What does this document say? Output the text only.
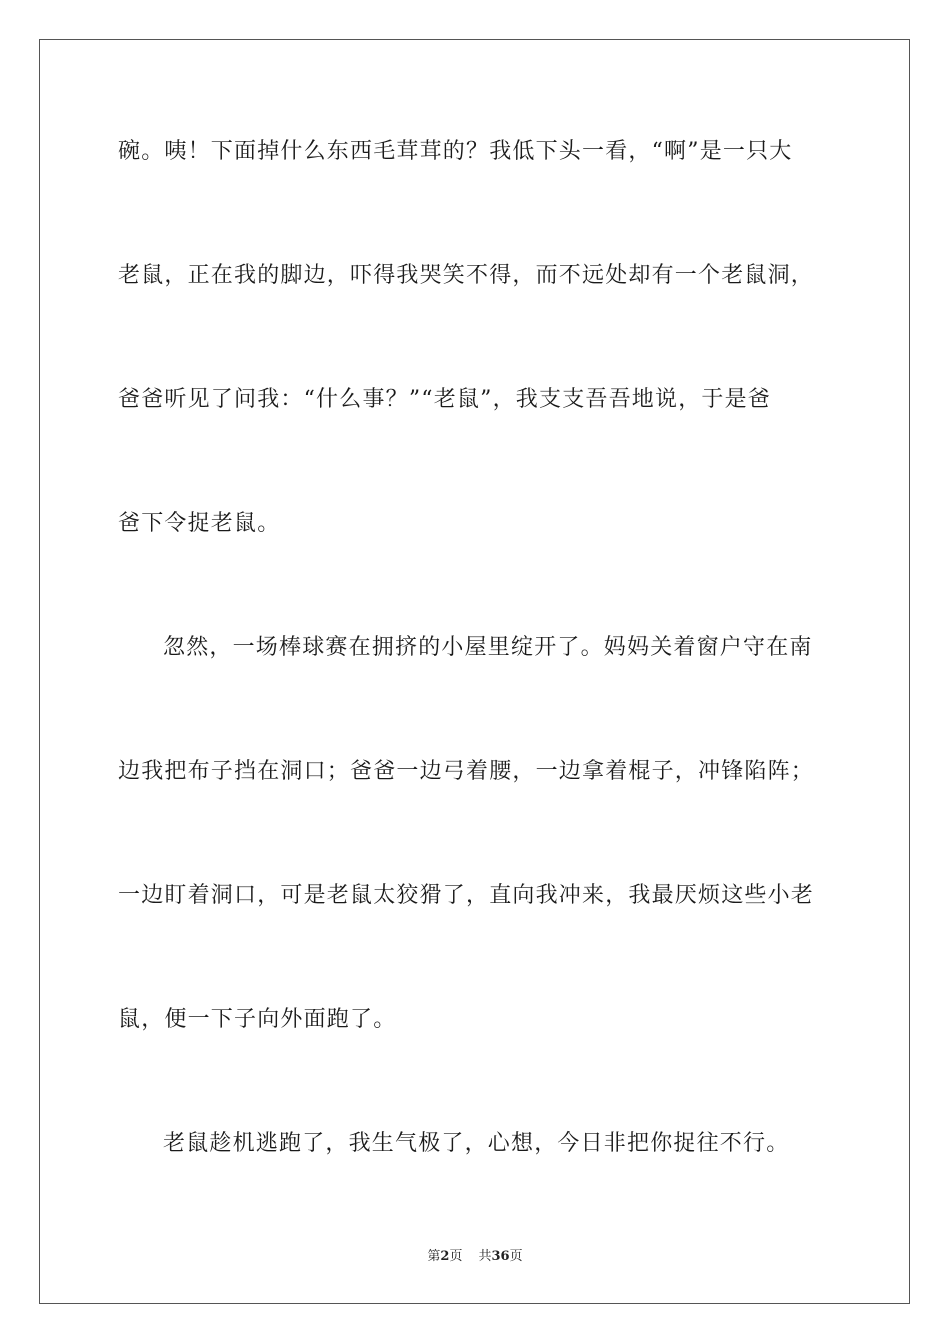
碗。咦！下面掉什么东西毛茸茸的？我低下头一看，“啊”是一只大
老鼠，正在我的脚边，吓得我哭笑不得，而不远处却有一个老鼠洞，
爸爸听见了问我：“什么事？”“老鼠”，我支支吾吾地说，于是爸
爸下令捉老鼠。
忽然，一场棒球赛在拥挤的小屋里绽开了。妈妈关着窗户守在南
边我把布子挡在洞口；爸爸一边弓着腰，一边拿着棍子，冲锋陷阵；
一边盯着洞口，可是老鼠太狡猾了，直向我冲来，我最厌烦这些小老
鼠，便一下子向外面跑了。
老鼠趁机逃跑了，我生气极了，心想，今日非把你捉往不行。
第2页 共36页
